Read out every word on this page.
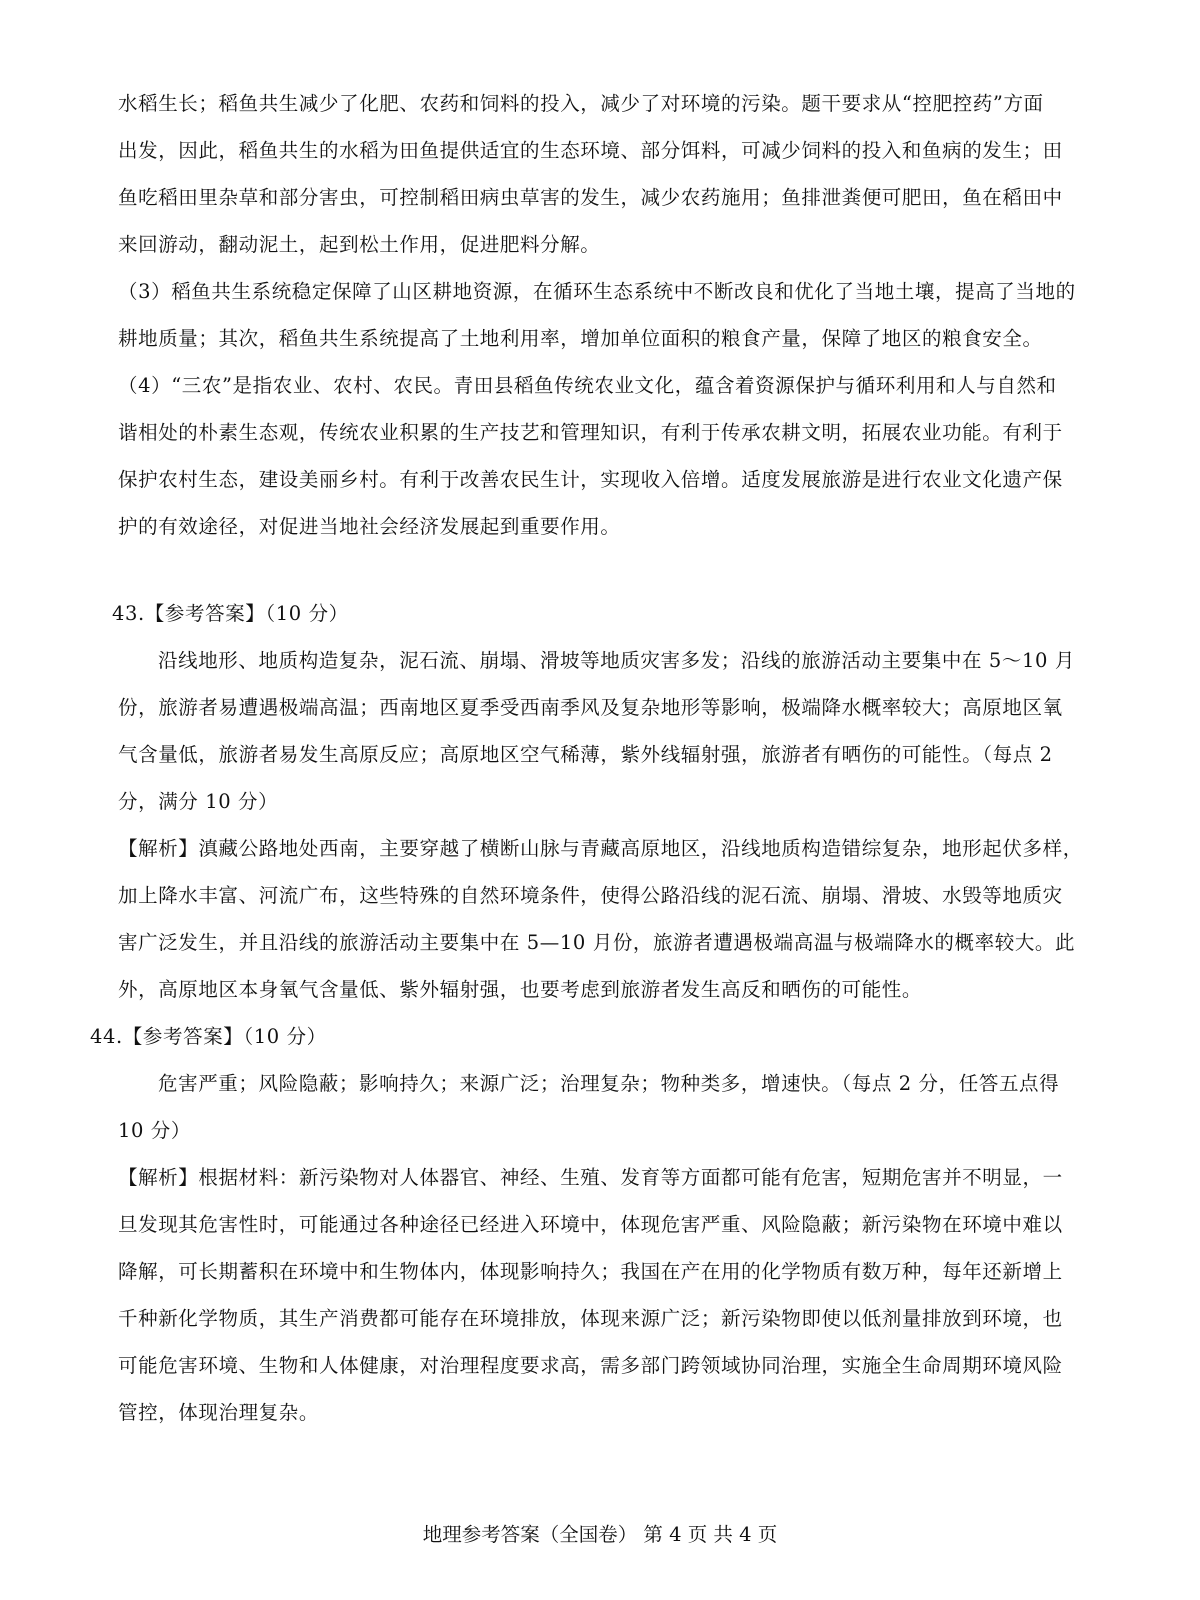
水稻生长；稻鱼共生减少了化肥、农药和饲料的投入，减少了对环境的污染。题干要求从“控肥控药”方面
出发，因此，稻鱼共生的水稻为田鱼提供适宜的生态环境、部分饵料，可减少饲料的投入和鱼病的发生；田
鱼吃稻田里杂草和部分害虫，可控制稻田病虫草害的发生，减少农药施用；鱼排泄粪便可肥田，鱼在稻田中
来回游动，翻动泥土，起到松土作用，促进肥料分解。
（3）稻鱼共生系统稳定保障了山区耕地资源，在循环生态系统中不断改良和优化了当地土壤，提高了当地的
耕地质量；其次，稻鱼共生系统提高了土地利用率，增加单位面积的粮食产量，保障了地区的粮食安全。
（4）“三农”是指农业、农村、农民。青田县稻鱼传统农业文化，蕴含着资源保护与循环利用和人与自然和
谐相处的朴素生态观，传统农业积累的生产技艺和管理知识，有利于传承农耕文明，拓展农业功能。有利于
保护农村生态，建设美丽乡村。有利于改善农民生计，实现收入倍增。适度发展旅游是进行农业文化遗产保
护的有效途径，对促进当地社会经济发展起到重要作用。
43.【参考答案】（10 分）
沿线地形、地质构造复杂，泥石流、崩塌、滑坡等地质灾害多发；沿线的旅游活动主要集中在 5～10 月
份，旅游者易遭遇极端高温；西南地区夏季受西南季风及复杂地形等影响，极端降水概率较大；高原地区氧
气含量低，旅游者易发生高原反应；高原地区空气稀薄，紫外线辐射强，旅游者有晒伤的可能性。（每点 2
分，满分 10 分）
【解析】滇藏公路地处西南，主要穿越了横断山脉与青藏高原地区，沿线地质构造错综复杂，地形起伏多样，
加上降水丰富、河流广布，这些特殊的自然环境条件，使得公路沿线的泥石流、崩塌、滑坡、水毁等地质灾
害广泛发生，并且沿线的旅游活动主要集中在 5—10 月份，旅游者遭遇极端高温与极端降水的概率较大。此
外，高原地区本身氧气含量低、紫外辐射强，也要考虑到旅游者发生高反和晒伤的可能性。
44.【参考答案】（10 分）
危害严重；风险隐蔽；影响持久；来源广泛；治理复杂；物种类多，增速快。（每点 2 分，任答五点得
10 分）
【解析】根据材料：新污染物对人体器官、神经、生殖、发育等方面都可能有危害，短期危害并不明显，一
旦发现其危害性时，可能通过各种途径已经进入环境中，体现危害严重、风险隐蔽；新污染物在环境中难以
降解，可长期蓄积在环境中和生物体内，体现影响持久；我国在产在用的化学物质有数万种，每年还新增上
千种新化学物质，其生产消费都可能存在环境排放，体现来源广泛；新污染物即使以低剂量排放到环境，也
可能危害环境、生物和人体健康，对治理程度要求高，需多部门跨领域协同治理，实施全生命周期环境风险
管控，体现治理复杂。
地理参考答案（全国卷） 第 4 页 共 4 页
